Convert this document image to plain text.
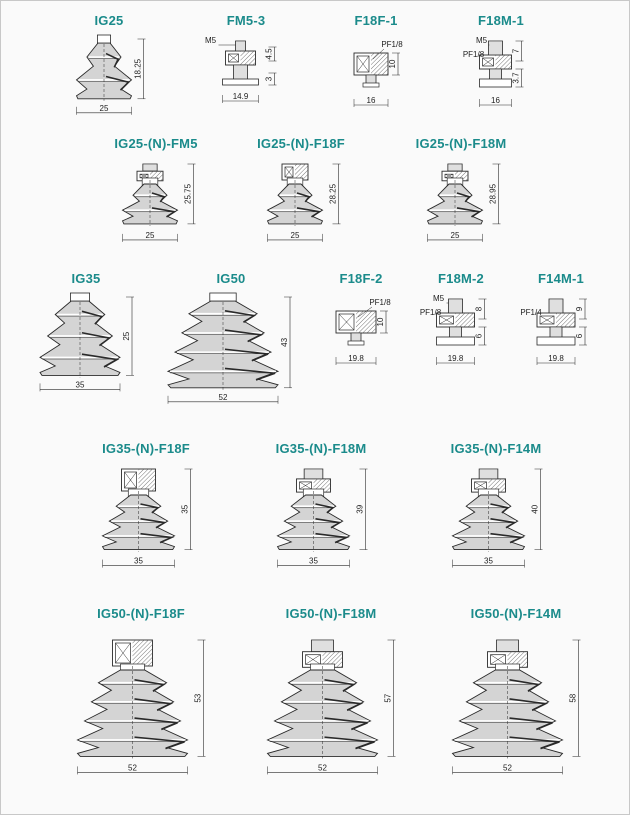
IG25
25
18.25
FM5-3
14.9
4.5
3
M5
F18F-1
16
10
PF1/8
F18M-1
16
7
3.7
PF1/8
M5
IG25-(N)-FM5
25
25.75
IG25-(N)-F18F
25
28.25
IG25-(N)-F18M
25
28.95
IG35
35
25
IG50
52
43
F18F-2
19.8
10
PF1/8
F18M-2
19.8
8
6
PF1/8
M5
F14M-1
19.8
9
6
PF1/4
IG35-(N)-F18F
35
35
IG35-(N)-F18M
35
39
IG35-(N)-F14M
35
40
IG50-(N)-F18F
52
53
IG50-(N)-F18M
52
57
IG50-(N)-F14M
52
58
